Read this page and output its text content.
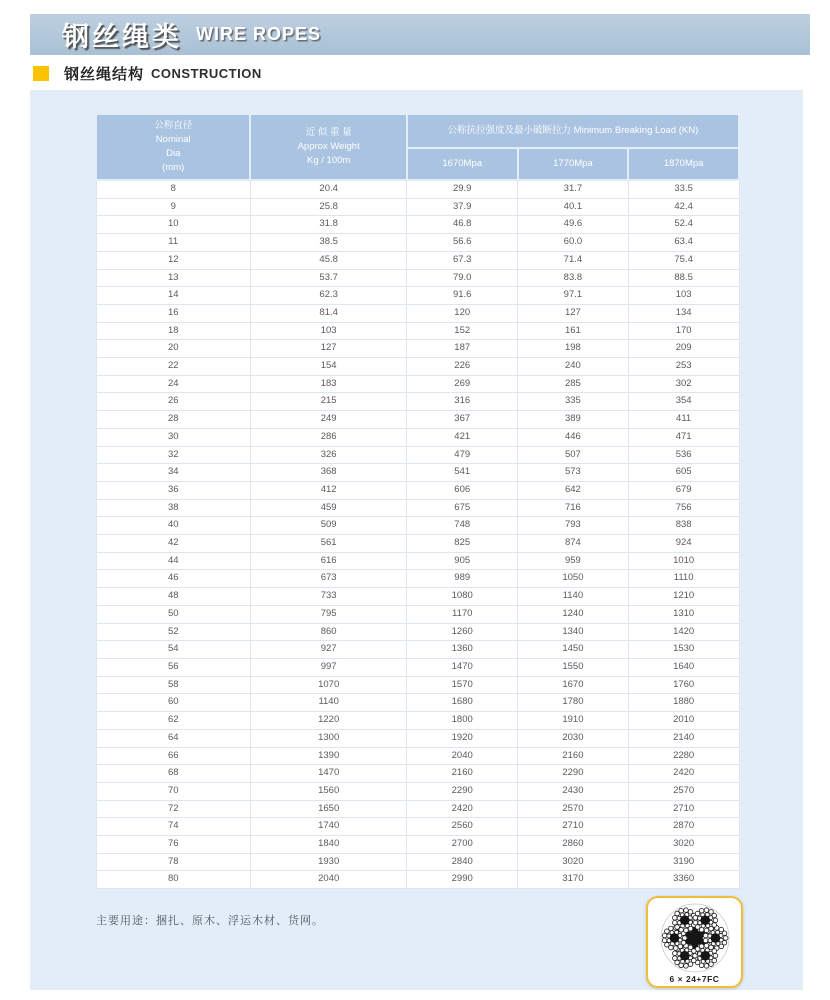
钢丝绳类 WIRE ROPES
钢丝绳结构 CONSTRUCTION
公称直径
Nominal
Dia
(mm)	近 似 重 量
Approx Weight
Kg / 100m	公称抗拉强度及最小破断拉力 Minimum Breaking Load (KN)		
		1670Mpa	1770Mpa	1870Mpa
8	20.4	29.9	31.7	33.5
9	25.8	37.9	40.1	42.4
10	31.8	46.8	49.6	52.4
11	38.5	56.6	60.0	63.4
12	45.8	67.3	71.4	75.4
13	53.7	79.0	83.8	88.5
14	62.3	91.6	97.1	103
16	81.4	120	127	134
18	103	152	161	170
20	127	187	198	209
22	154	226	240	253
24	183	269	285	302
26	215	316	335	354
28	249	367	389	411
30	286	421	446	471
32	326	479	507	536
34	368	541	573	605
36	412	606	642	679
38	459	675	716	756
40	509	748	793	838
42	561	825	874	924
44	616	905	959	1010
46	673	989	1050	1110
48	733	1080	1140	1210
50	795	1170	1240	1310
52	860	1260	1340	1420
54	927	1360	1450	1530
56	997	1470	1550	1640
58	1070	1570	1670	1760
60	1140	1680	1780	1880
62	1220	1800	1910	2010
64	1300	1920	2030	2140
66	1390	2040	2160	2280
68	1470	2160	2290	2420
70	1560	2290	2430	2570
72	1650	2420	2570	2710
74	1740	2560	2710	2870
76	1840	2700	2860	3020
78	1930	2840	3020	3190
80	2040	2990	3170	3360
主要用途：捆扎、原木、浮运木材、货网。
6 × 24+7FC
